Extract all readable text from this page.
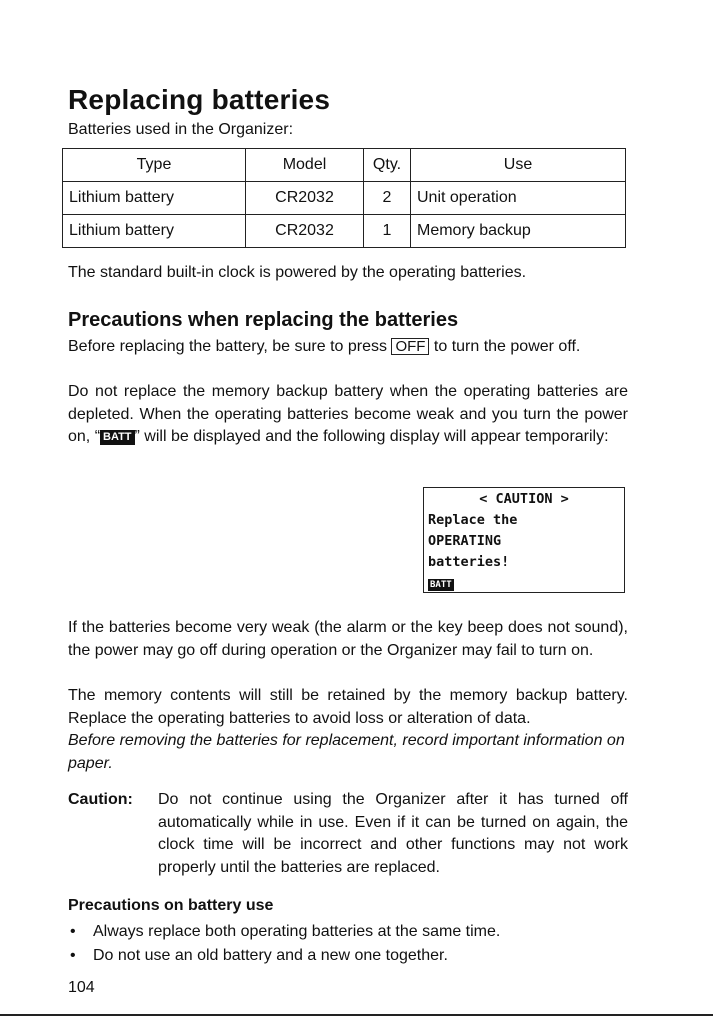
Replacing batteries

Batteries used in the Organizer:

Type	Model	Qty.	Use
Lithium battery	CR2032	2	Unit operation
Lithium battery	CR2032	1	Memory backup

The standard built-in clock is powered by the operating batteries.

Precautions when replacing the batteries

Before replacing the battery, be sure to press OFF to turn the power off.

Do not replace the memory backup battery when the operating batteries are depleted. When the operating batteries become weak and you turn the power on, “ BATT ” will be displayed and the following display will appear temporarily:

< CAUTION >
Replace the
OPERATING
batteries!
BATT

If the batteries become very weak (the alarm or the key beep does not sound), the power may go off during operation or the Organizer may fail to turn on.

The memory contents will still be retained by the memory backup battery. Replace the operating batteries to avoid loss or alteration of data.

Before removing the batteries for replacement, record important information on paper.

Caution: Do not continue using the Organizer after it has turned off automatically while in use. Even if it can be turned on again, the clock time will be incorrect and other functions may not work properly until the batteries are replaced.
Precautions on battery use
• Always replace both operating batteries at the same time.
• Do not use an old battery and a new one together.

104
